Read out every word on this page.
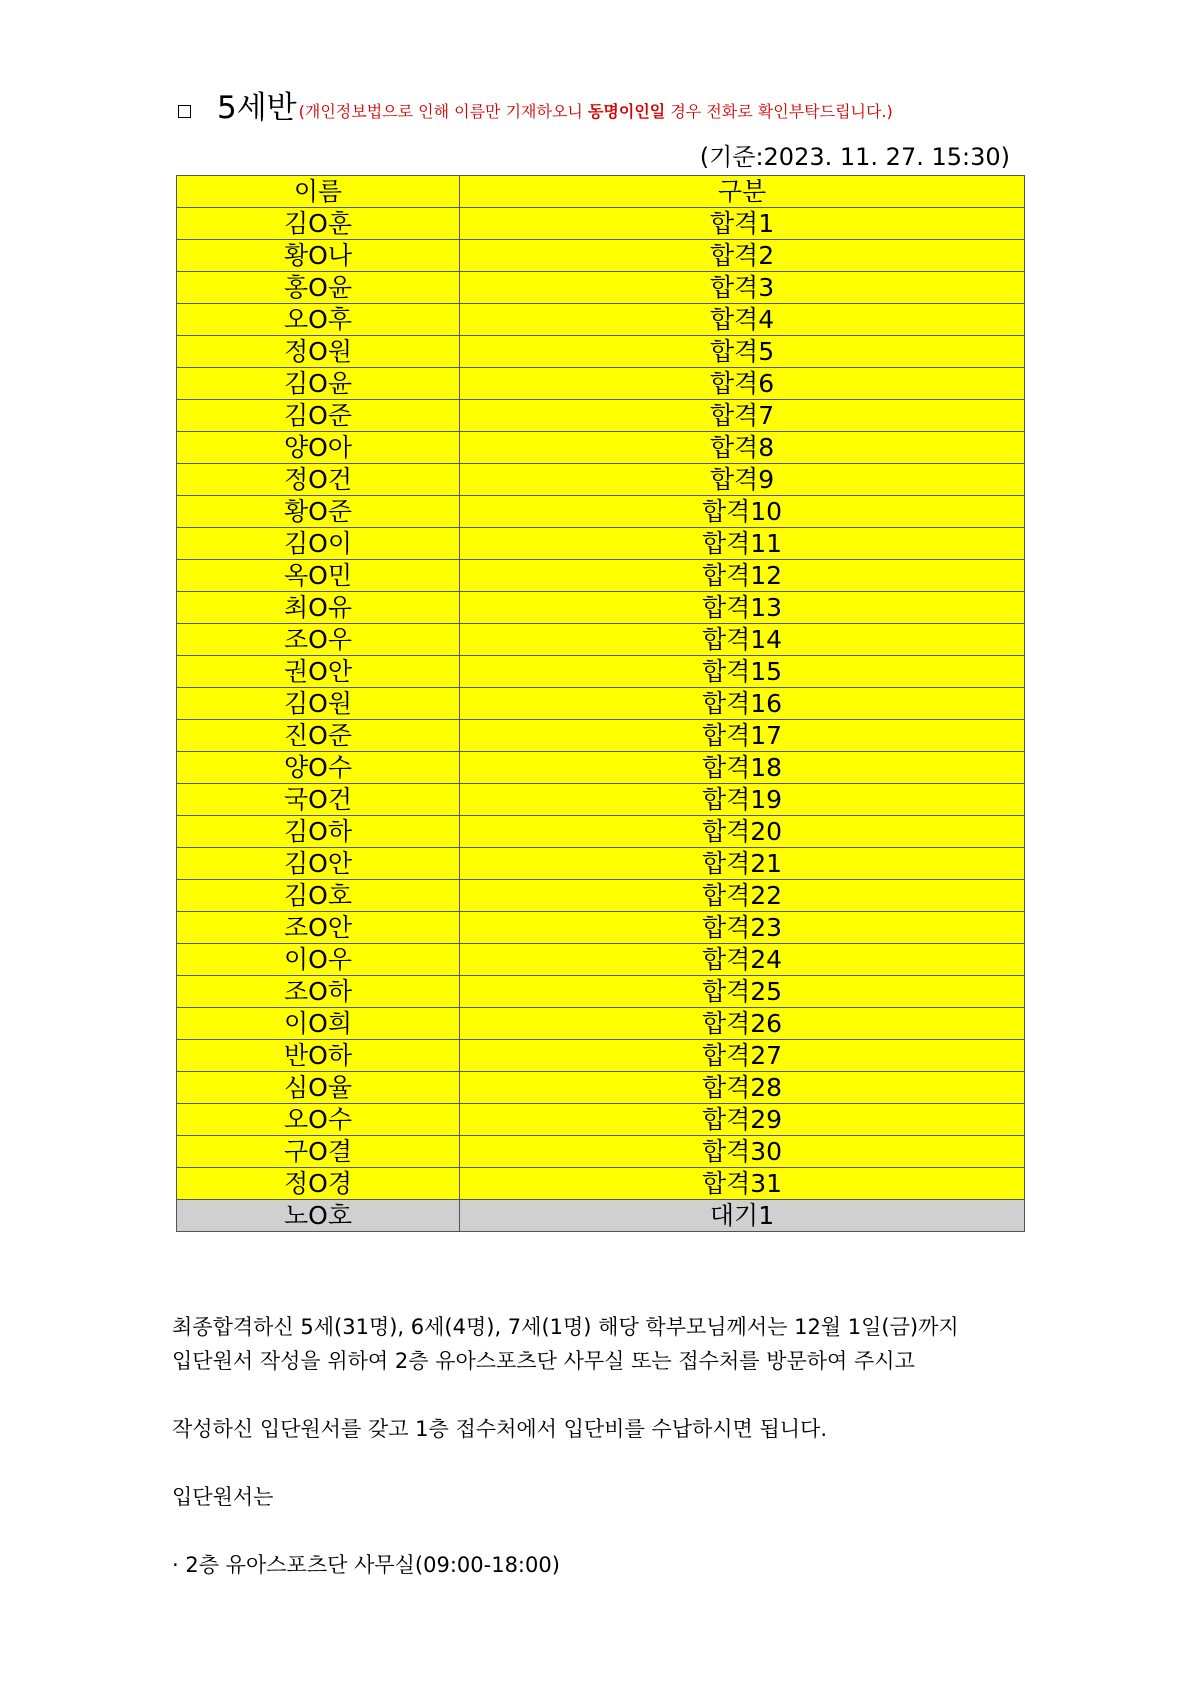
5세반 (개인정보법으로 인해 이름만 기재하오니 동명이인일 경우 전화로 확인부탁드립니다.)
(기준:2023. 11. 27. 15:30)
이름	구분
김O훈	합격1
황O나	합격2
홍O윤	합격3
오O후	합격4
정O원	합격5
김O윤	합격6
김O준	합격7
양O아	합격8
정O건	합격9
황O준	합격10
김O이	합격11
옥O민	합격12
최O유	합격13
조O우	합격14
권O안	합격15
김O원	합격16
진O준	합격17
양O수	합격18
국O건	합격19
김O하	합격20
김O안	합격21
김O호	합격22
조O안	합격23
이O우	합격24
조O하	합격25
이O희	합격26
반O하	합격27
심O율	합격28
오O수	합격29
구O결	합격30
정O경	합격31
노O호	대기1
최종합격하신 5세(31명), 6세(4명), 7세(1명) 해당 학부모님께서는 12월 1일(금)까지
입단원서 작성을 위하여 2층 유아스포츠단 사무실 또는 접수처를 방문하여 주시고
작성하신 입단원서를 갖고 1층 접수처에서 입단비를 수납하시면 됩니다.
입단원서는
· 2층 유아스포츠단 사무실(09:00-18:00)
